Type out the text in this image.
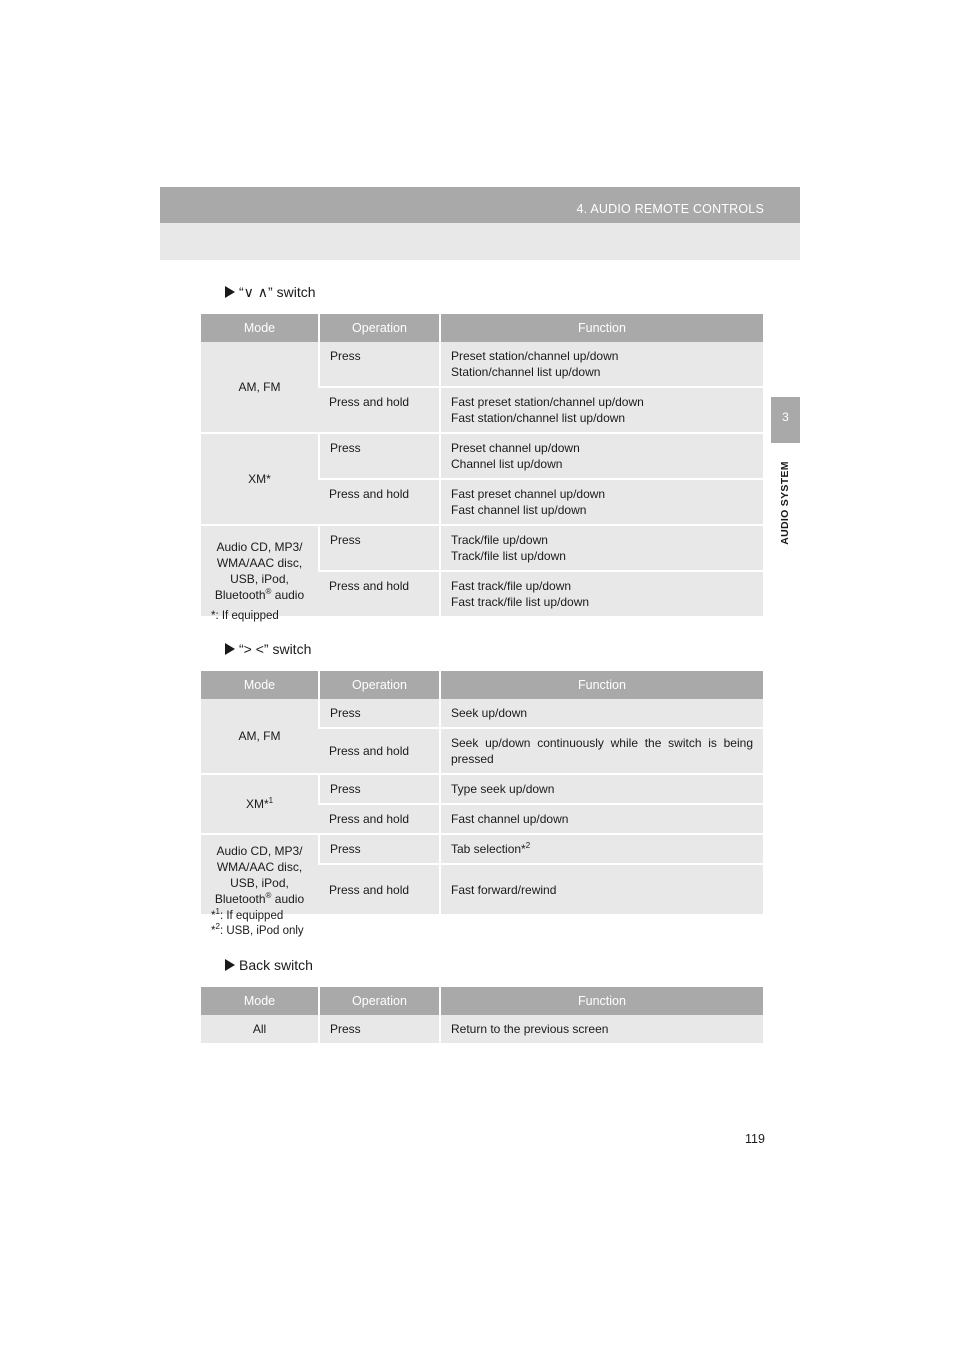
4. AUDIO REMOTE CONTROLS
3
AUDIO SYSTEM
“∨ ∧” switch
Mode	Operation	Function
AM, FM	Press	Preset station/channel up/down
Station/channel list up/down

	Press and hold	Fast preset station/channel up/down
Fast station/channel list up/down

XM*	Press	Preset channel up/down
Channel list up/down

	Press and hold	Fast preset channel up/down
Fast channel list up/down

Audio CD, MP3/
WMA/AAC disc,
USB, iPod,
Bluetooth® audio	Press	Track/file up/down
Track/file list up/down

	Press and hold	Fast track/file up/down
Fast track/file list up/down
*: If equipped
“> <” switch
Mode	Operation	Function
AM, FM	Press	Seek up/down
	Press and hold	Seek up/down continuously while the switch is being pressed
XM*$^1$	Press	Type seek up/down
	Press and hold	Fast channel up/down

Audio CD, MP3/
WMA/AAC disc,
USB, iPod,
Bluetooth® audio	Press	Tab selection*$^2$
	Press and hold	Fast forward/rewind
*$^1$: If equipped
*$^2$: USB, iPod only
Back switch
Mode	Operation	Function
All	Press	Return to the previous screen
119
